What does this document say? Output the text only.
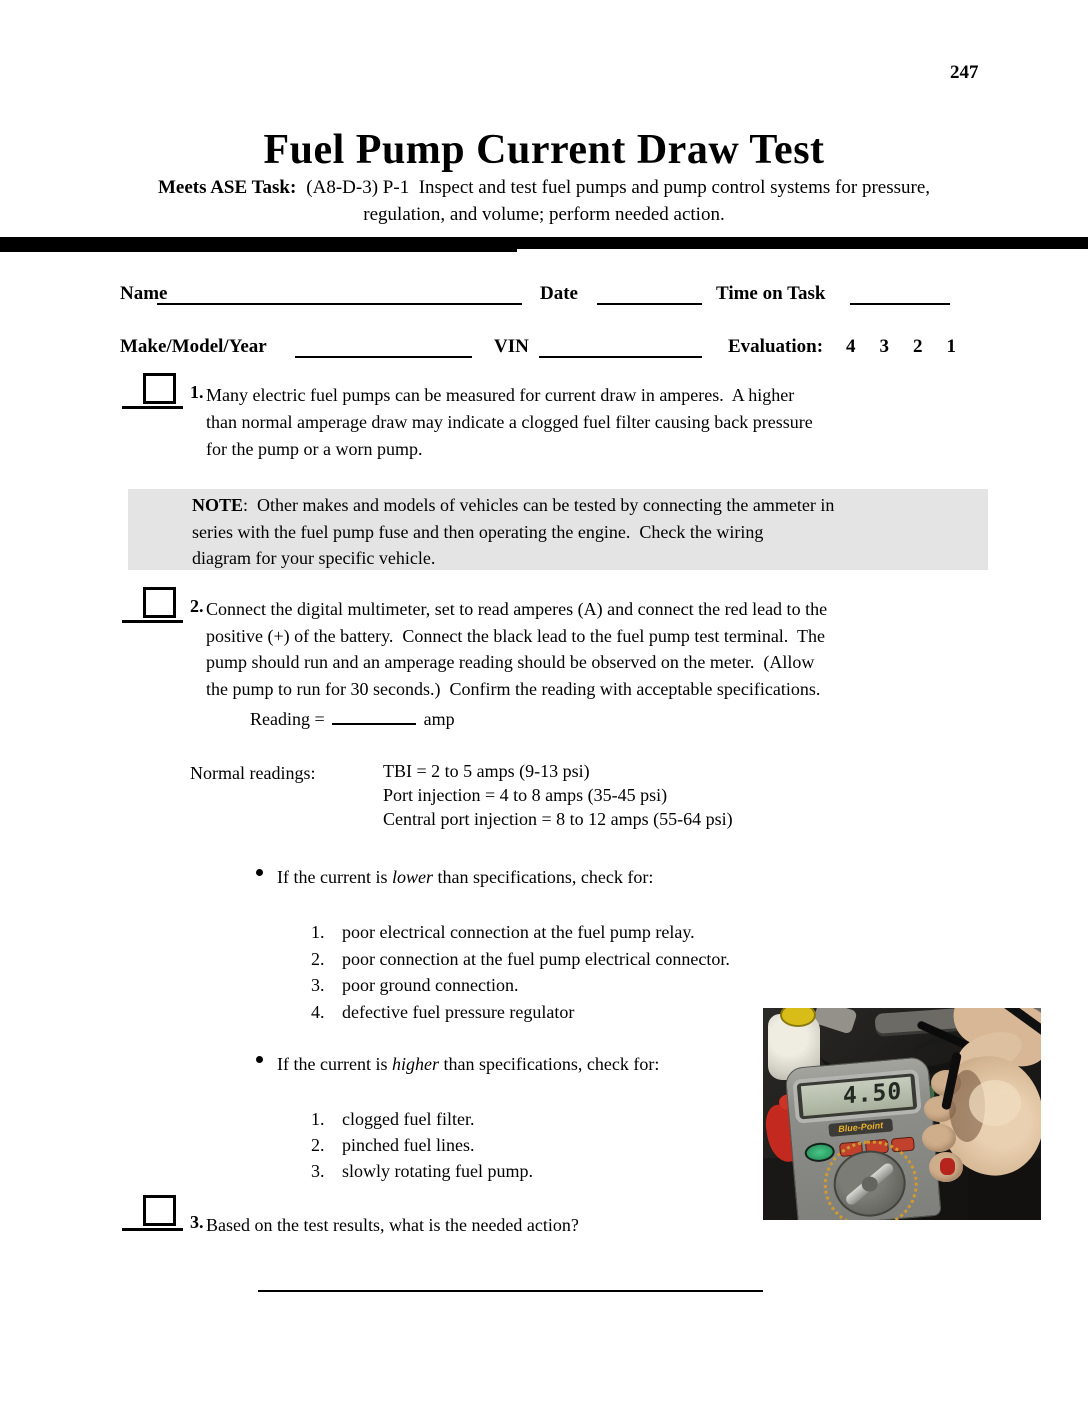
247
Fuel Pump Current Draw Test
Meets ASE Task: (A8-D-3) P-1  Inspect and test fuel pumps and pump control systems for pressure,
regulation, and volume; perform needed action.
Name	Date	Time on Task
Make/Model/Year	VIN	Evaluation: 4 3 2 1
1. Many electric fuel pumps can be measured for current draw in amperes.  A higher
than normal amperage draw may indicate a clogged fuel filter causing back pressure
for the pump or a worn pump.
NOTE:  Other makes and models of vehicles can be tested by connecting the ammeter in
series with the fuel pump fuse and then operating the engine.  Check the wiring
diagram for your specific vehicle.
2. Connect the digital multimeter, set to read amperes (A) and connect the red lead to the
positive (+) of the battery.  Connect the black lead to the fuel pump test terminal.  The
pump should run and an amperage reading should be observed on the meter.  (Allow
the pump to run for 30 seconds.)  Confirm the reading with acceptable specifications.
Reading =	amp
Normal readings:	TBI = 2 to 5 amps (9-13 psi)
Port injection = 4 to 8 amps (35-45 psi)
Central port injection = 8 to 12 amps (55-64 psi)
If the current is lower than specifications, check for:
1. poor electrical connection at the fuel pump relay.
2. poor connection at the fuel pump electrical connector.
3. poor ground connection.
4. defective fuel pressure regulator
If the current is higher than specifications, check for:
1. clogged fuel filter.
2. pinched fuel lines.
3. slowly rotating fuel pump.
3. Based on the test results, what is the needed action?
4.50
Blue-Point
